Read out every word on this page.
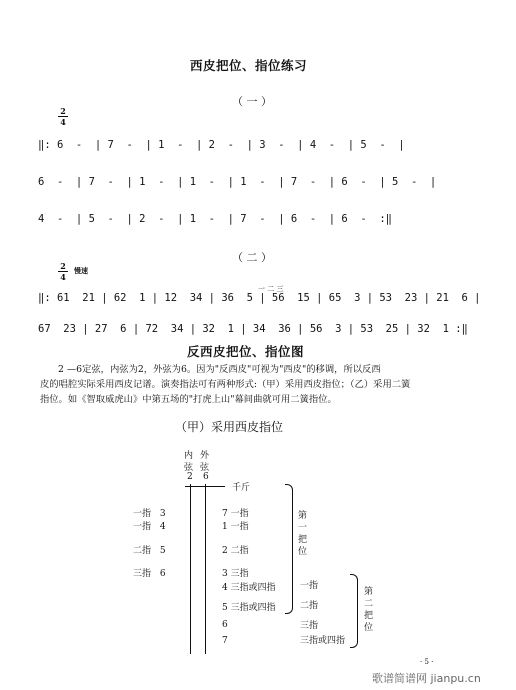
西皮把位、指位练习
（ 一 ）
2
4
‖: 6  -  | 7  -  | 1  -  | 2  -  | 3  -  | 4  -  | 5  -  |
6  -  | 7  -  | 1  -  | 1  -  | 1  -  | 7  -  | 6  -  | 5  -  |
4  -  | 5  -  | 2  -  | 1  -  | 7  -  | 6  -  | 6  -  :‖
（ 二 ）
2
4
慢速
一 二 三
‖: 61  21 | 62  1 | 12  34 | 36  5 | 56  15 | 65  3 | 53  23 | 21  6 |
67  23 | 27  6 | 72  34 | 32  1 | 34  36 | 56  3 | 53  25 | 32  1 :‖
反西皮把位、指位图
2 —6定弦，内弦为2，外弦为6。因为"反西皮"可视为"西皮"的移调，所以反西
皮的唱腔实际采用西皮记谱。演奏指法可有两种形式:（甲）采用西皮指位；（乙）采用二簧
指位。如《智取威虎山》中第五场的"打虎上山"幕间曲就可用二簧指位。
（甲）采用西皮指位
内
弦
外
弦
2 6
千斤
一指 3
一指 4
二指 5
三指 6
7 一指
1 一指
2 二指
3 三指
4 三指或四指
5 三指或四指
6
7
第
一
把
位
一指
二指
三指
三指或四指
第
二
把
位
· 5 ·
歌谱简谱网 jianpu.cn
